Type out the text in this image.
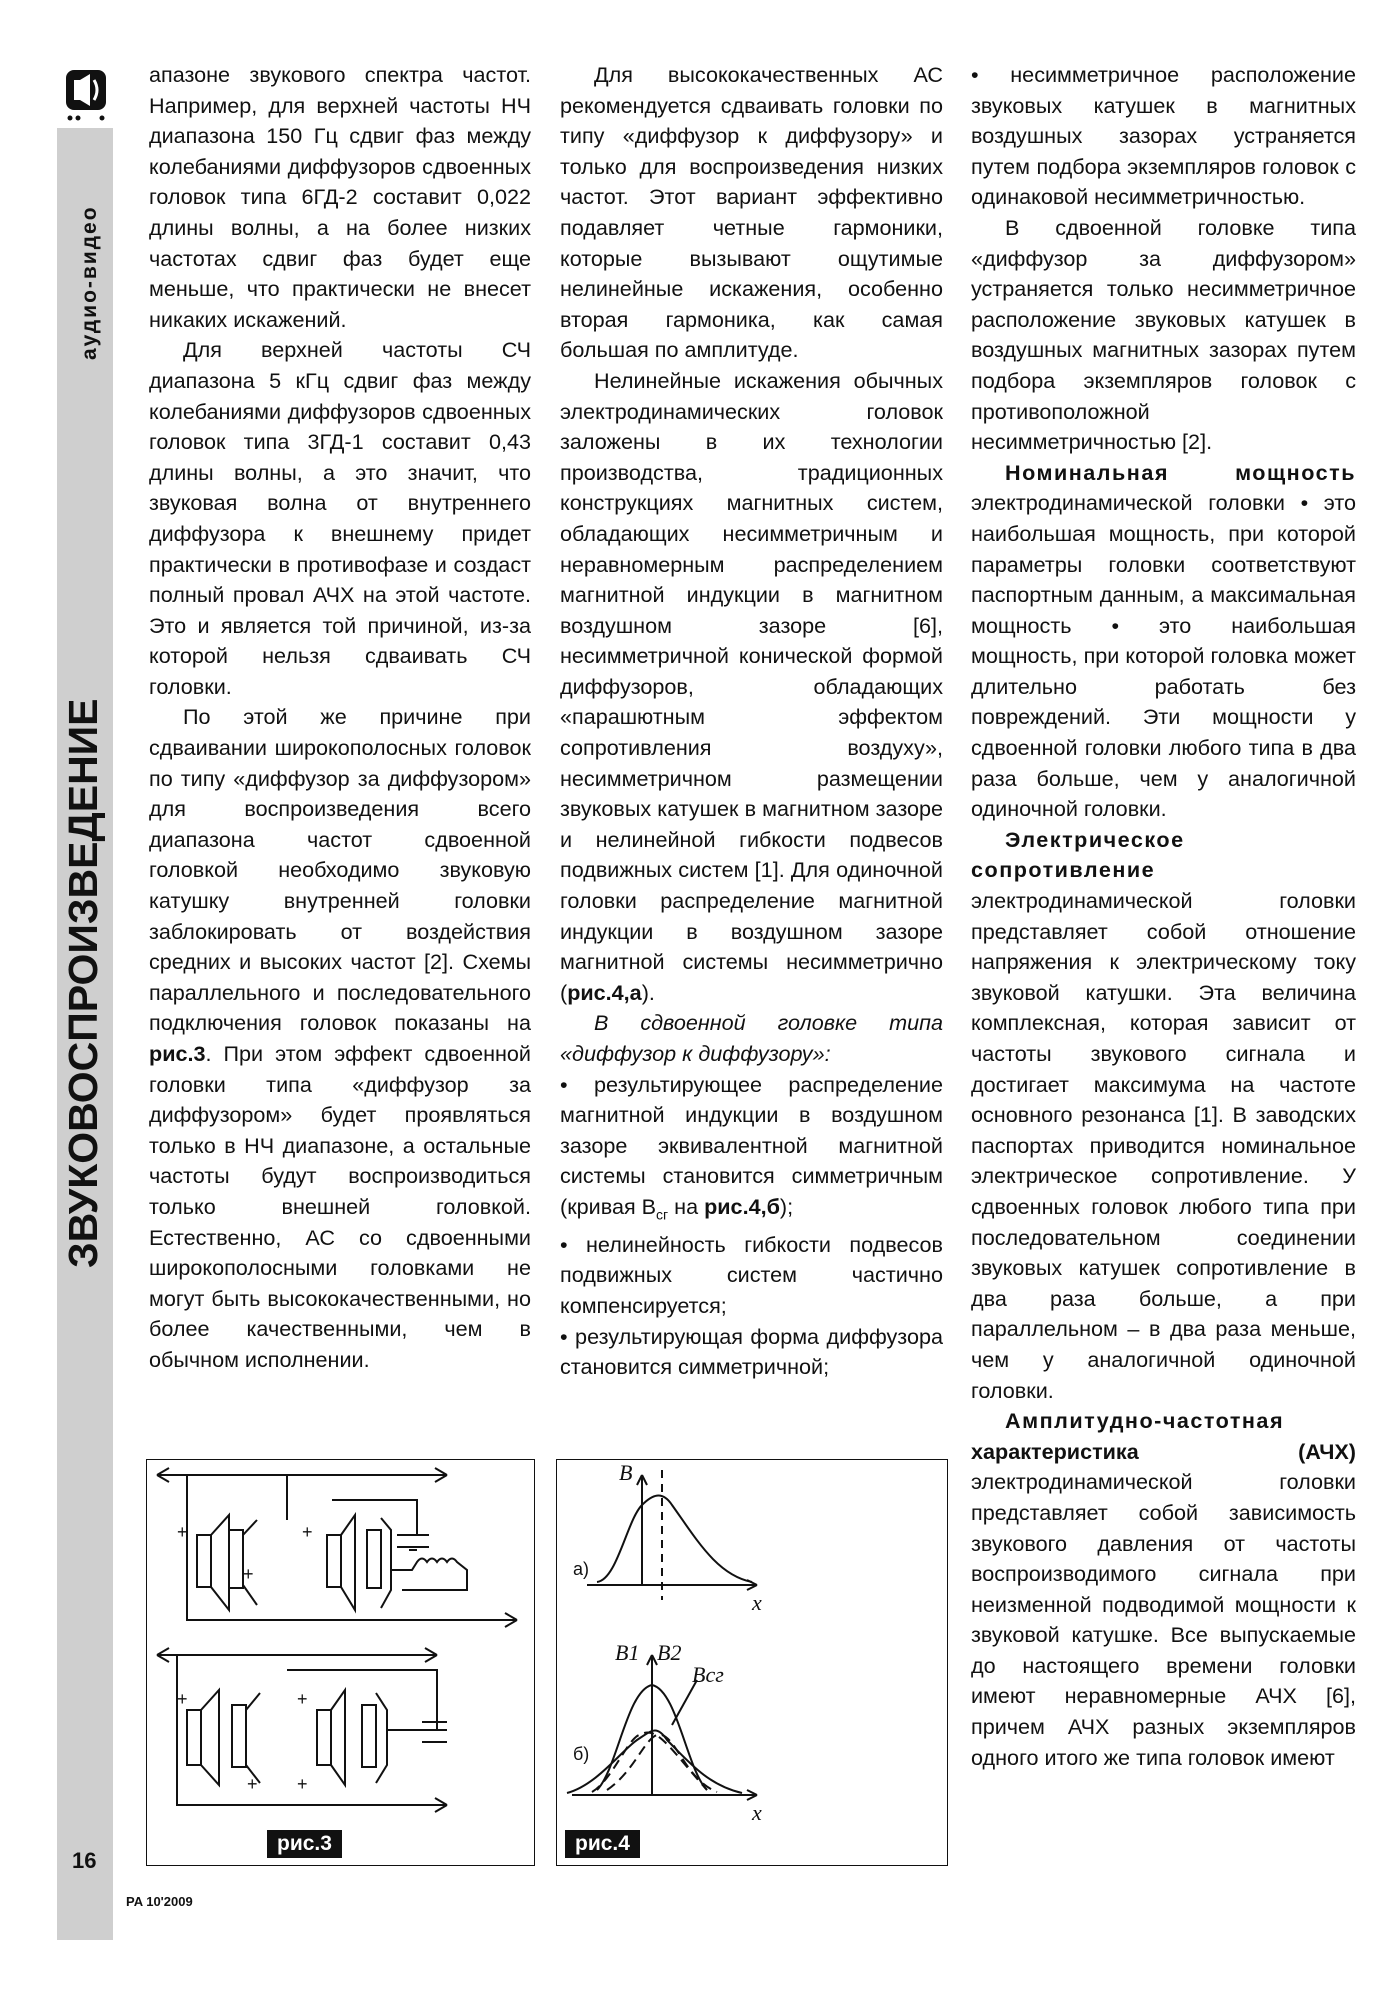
аудио-видео
ЗВУКОВОСПРОИЗВЕДЕНИЕ
16
PA 10'2009

апазоне звукового спектра частот. Например, для верхней частоты НЧ диапазона 150 Гц сдвиг фаз между колебаниями диффузоров сдвоенных головок типа 6ГД-2 составит 0,022 длины волны, а на более низких частотах сдвиг фаз будет еще меньше, что практически не внесет никаких искажений.

Для верхней частоты СЧ диапазона 5 кГц сдвиг фаз между колебаниями диффузоров сдвоенных головок типа 3ГД-1 составит 0,43 длины волны, а это значит, что звуковая волна от внутреннего диффузора к внешнему придет практически в противофазе и создаст полный провал АЧХ на этой частоте. Это и является той причиной, из-за которой нельзя сдваивать СЧ головки.

По этой же причине при сдваивании широкополосных головок по типу «диффузор за диффузором» для воспроизведения всего диапазона частот сдвоенной головкой необходимо звуковую катушку внутренней головки заблокировать от воздействия средних и высоких частот [2]. Схемы параллельного и последовательного подключения головок показаны на рис.3. При этом эффект сдвоенной головки типа «диффузор за диффузором» будет проявляться только в НЧ диапазоне, а остальные частоты будут воспроизводиться только внешней головкой. Естественно, АС со сдвоенными широкополосными головками не могут быть высококачественными, но более качественными, чем в обычном исполнении.

Для высококачественных АС рекомендуется сдваивать головки по типу «диффузор к диффузору» и только для воспроизведения низких частот. Этот вариант эффективно подавляет четные гармоники, которые вызывают ощутимые нелинейные искажения, особенно вторая гармоника, как самая большая по амплитуде.

Нелинейные искажения обычных электродинамических головок заложены в их технологии производства, традиционных конструкциях магнитных систем, обладающих несимметричным и неравномерным распределением магнитной индукции в магнитном воздушном зазоре [6], несимметричной конической формой диффузоров, обладающих «парашютным эффектом сопротивления воздуху», несимметричном размещении звуковых катушек в магнитном зазоре и нелинейной гибкости подвесов подвижных систем [1]. Для одиночной головки распределение магнитной индукции в воздушном зазоре магнитной системы несимметрично (рис.4,а).

В сдвоенной головке типа «диффузор к диффузору»:

• результирующее распределение магнитной индукции в воздушном зазоре эквивалентной магнитной системы становится симметричным (кривая $B_{сг}$ на рис.4,б);

• нелинейность гибкости подвесов подвижных систем частично компенсируется;

• результирующая форма диффузора становится симметричной;

• несимметричное расположение звуковых катушек в магнитных воздушных зазорах устраняется путем подбора экземпляров головок с одинаковой несимметричностью.

В сдвоенной головке типа «диффузор за диффузором» устраняется только несимметричное расположение звуковых катушек в воздушных магнитных зазорах путем подбора экземпляров головок с противоположной несимметричностью [2].

Номинальная мощность электродинамической головки • это наибольшая мощность, при которой параметры головки соответствуют паспортным данным, а максимальная мощность • это наибольшая мощность, при которой головка может длительно работать без повреждений. Эти мощности у сдвоенной головки любого типа в два раза больше, чем у аналогичной одиночной головки.

Электрическое сопротивление электродинамической головки представляет собой отношение напряжения к электрическому току звуковой катушки. Эта величина комплексная, которая зависит от частоты звукового сигнала и достигает максимума на частоте основного резонанса [1]. В заводских паспортах приводится номинальное электрическое сопротивление. У сдвоенных головок любого типа при последовательном соединении звуковых катушек сопротивление в два раза больше, а при параллельном – в два раза меньше, чем у аналогичной одиночной головки.

Амплитудно-частотная характеристика (АЧХ) электродинамической головки представляет собой зависимость звукового давления от частоты воспроизводимого сигнала при неизменной подводимой мощности к звуковой катушке. Все выпускаемые до настоящего времени головки имеют неравномерные АЧХ [6], причем АЧХ разных экземпляров одного итого же типа головок имеют

+
+
+
+
+
+
+
рис.3
B
x
B1 B2
Bсг
x
а)
б)
рис.4
